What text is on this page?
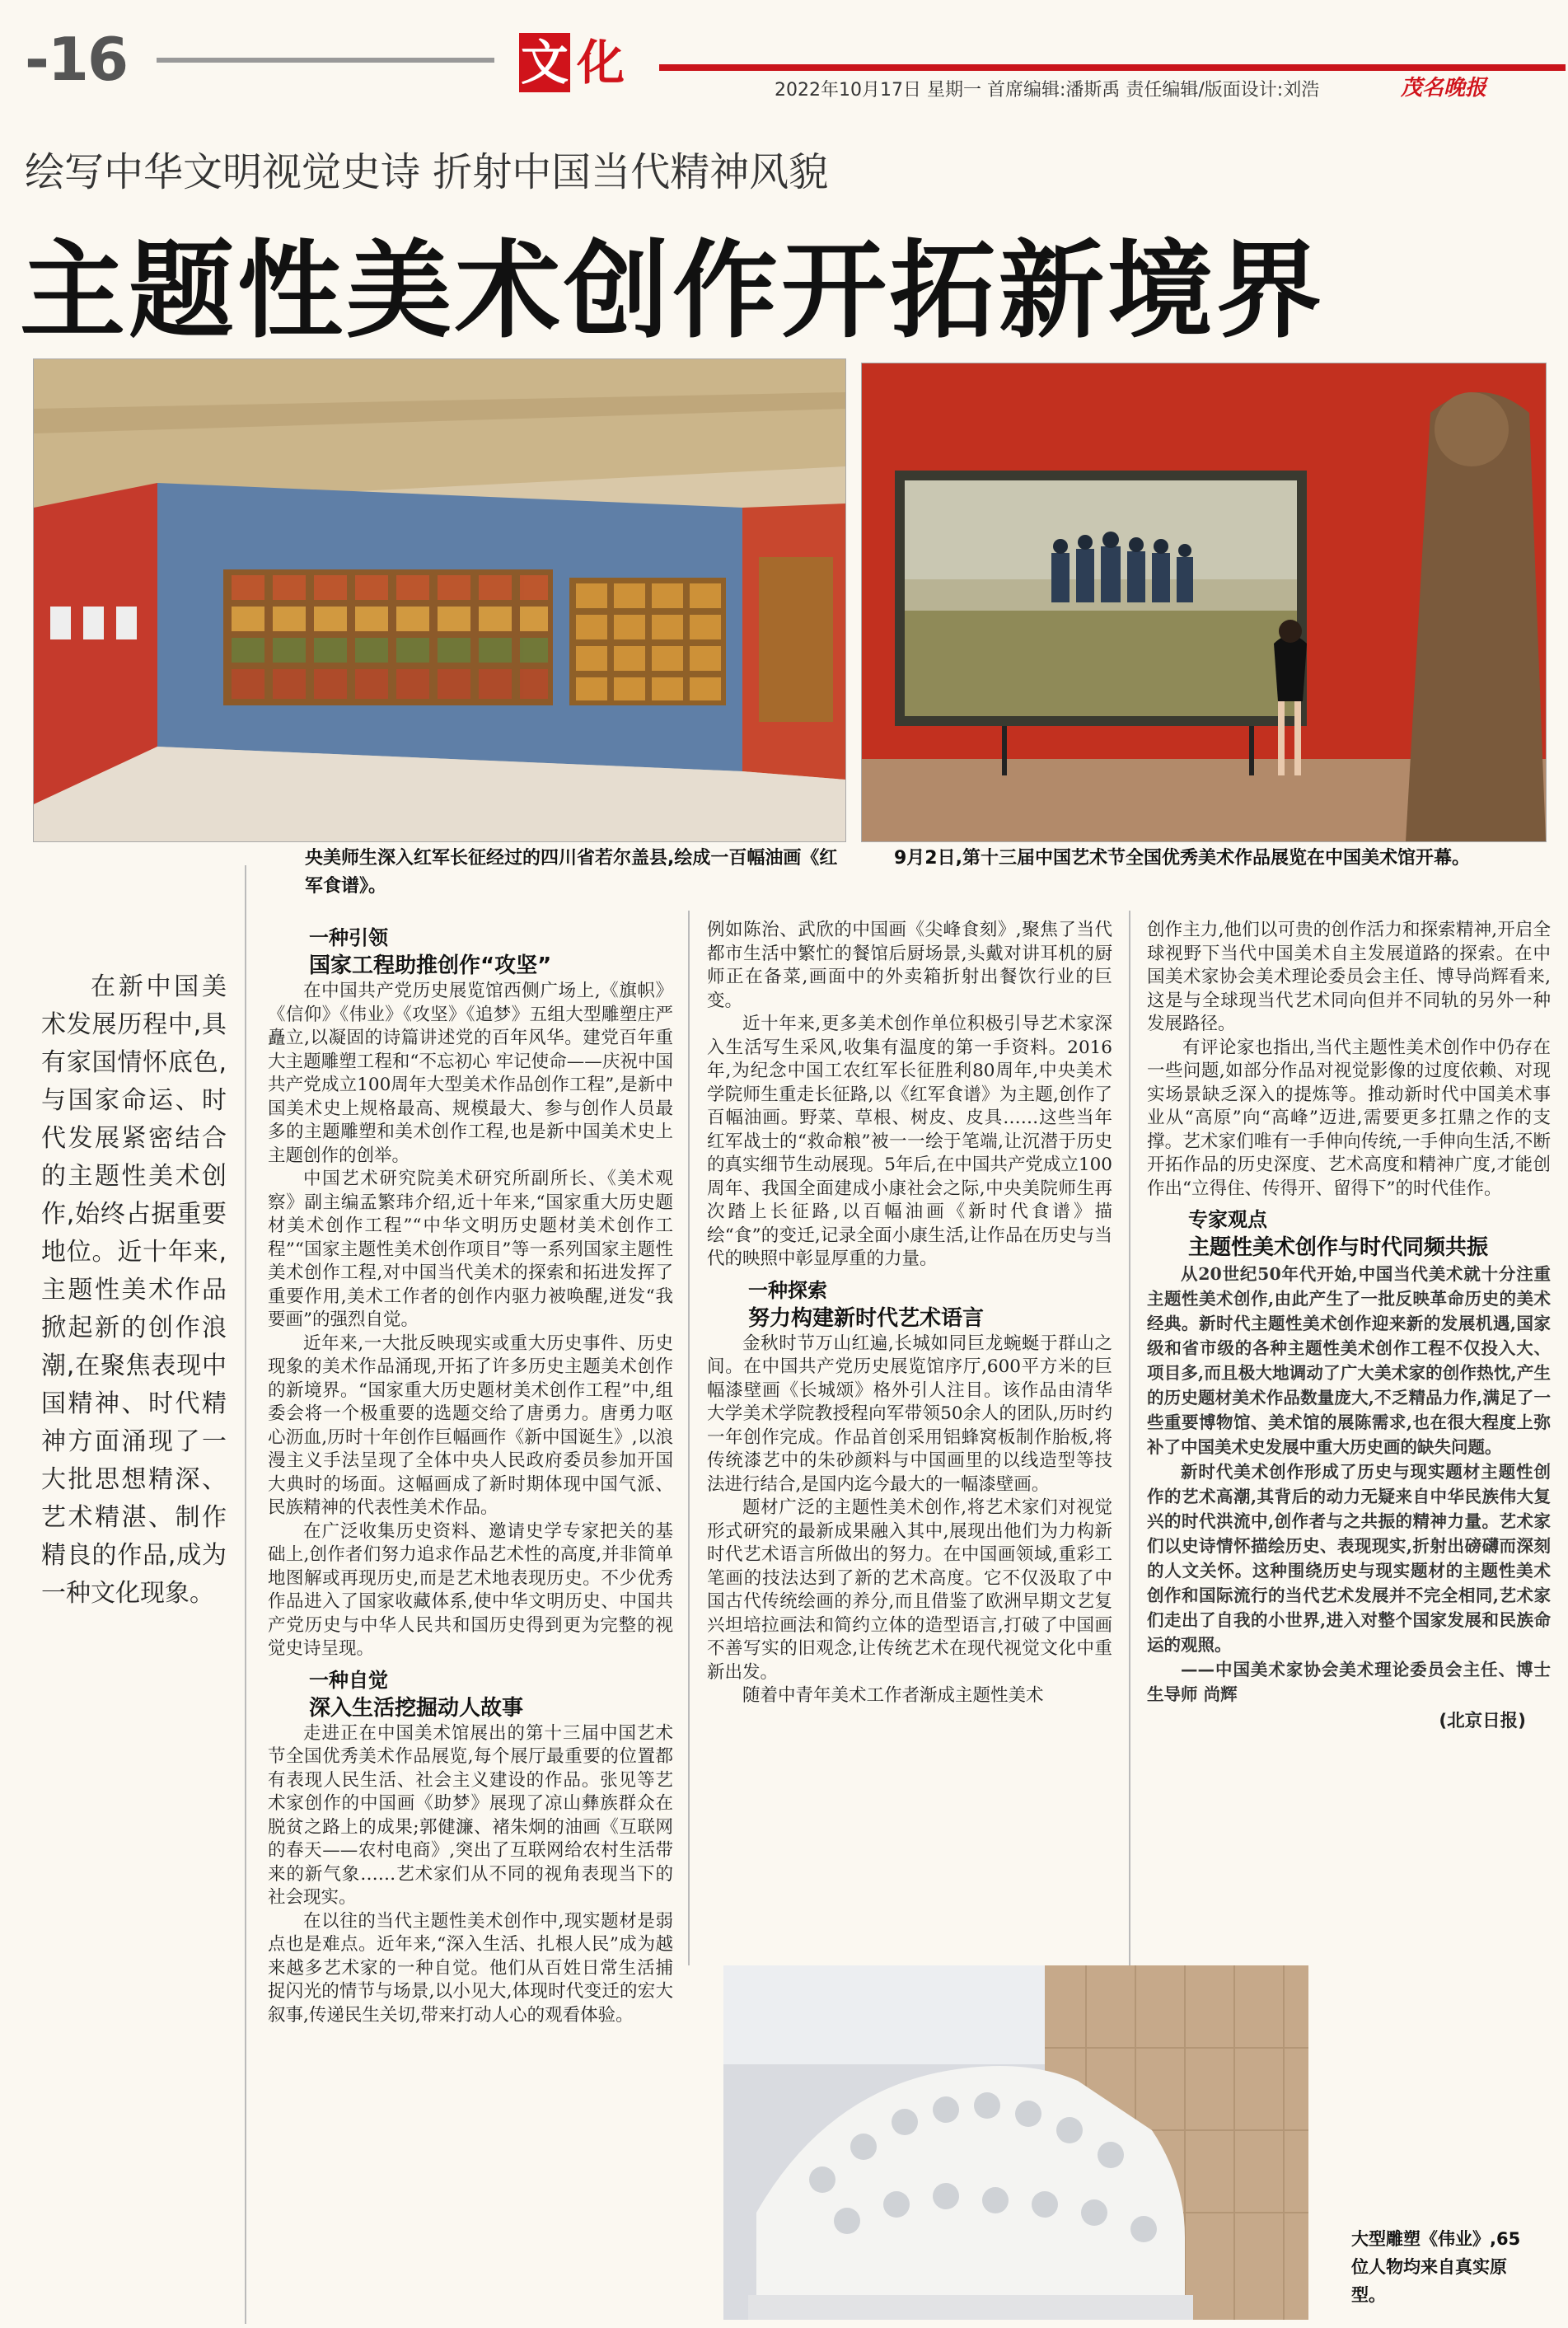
-16	文 化	2022年10月17日 星期一 首席编辑:潘斯禹 责任编辑/版面设计:刘浩	茂名晚报
绘写中华文明视觉史诗 折射中国当代精神风貌
主题性美术创作开拓新境界
央美师生深入红军长征经过的四川省若尔盖县,绘成一百幅油画《红军食谱》。
9月2日,第十三届中国艺术节全国优秀美术作品展览在中国美术馆开幕。

在新中国美术发展历程中,具有家国情怀底色,与国家命运、时代发展紧密结合的主题性美术创作,始终占据重要地位。近十年来,主题性美术作品掀起新的创作浪潮,在聚焦表现中国精神、时代精神方面涌现了一大批思想精深、艺术精湛、制作精良的作品,成为一种文化现象。

一种引领
国家工程助推创作“攻坚”

在中国共产党历史展览馆西侧广场上,《旗帜》《信仰》《伟业》《攻坚》《追梦》五组大型雕塑庄严矗立,以凝固的诗篇讲述党的百年风华。建党百年重大主题雕塑工程和“不忘初心 牢记使命——庆祝中国共产党成立100周年大型美术作品创作工程”,是新中国美术史上规格最高、规模最大、参与创作人员最多的主题雕塑和美术创作工程,也是新中国美术史上主题创作的创举。

中国艺术研究院美术研究所副所长、《美术观察》副主编孟繁玮介绍,近十年来,“国家重大历史题材美术创作工程”“中华文明历史题材美术创作工程”“国家主题性美术创作项目”等一系列国家主题性美术创作工程,对中国当代美术的探索和拓进发挥了重要作用,美术工作者的创作内驱力被唤醒,迸发“我要画”的强烈自觉。

近年来,一大批反映现实或重大历史事件、历史现象的美术作品涌现,开拓了许多历史主题美术创作的新境界。“国家重大历史题材美术创作工程”中,组委会将一个极重要的选题交给了唐勇力。唐勇力呕心沥血,历时十年创作巨幅画作《新中国诞生》,以浪漫主义手法呈现了全体中央人民政府委员参加开国大典时的场面。这幅画成了新时期体现中国气派、民族精神的代表性美术作品。

在广泛收集历史资料、邀请史学专家把关的基础上,创作者们努力追求作品艺术性的高度,并非简单地图解或再现历史,而是艺术地表现历史。不少优秀作品进入了国家收藏体系,使中华文明历史、中国共产党历史与中华人民共和国历史得到更为完整的视觉史诗呈现。

一种自觉
深入生活挖掘动人故事

走进正在中国美术馆展出的第十三届中国艺术节全国优秀美术作品展览,每个展厅最重要的位置都有表现人民生活、社会主义建设的作品。张见等艺术家创作的中国画《助梦》展现了凉山彝族群众在脱贫之路上的成果;郭健濂、褚朱炯的油画《互联网的春天——农村电商》,突出了互联网给农村生活带来的新气象……艺术家们从不同的视角表现当下的社会现实。

在以往的当代主题性美术创作中,现实题材是弱点也是难点。近年来,“深入生活、扎根人民”成为越来越多艺术家的一种自觉。他们从百姓日常生活捕捉闪光的情节与场景,以小见大,体现时代变迁的宏大叙事,传递民生关切,带来打动人心的观看体验。

例如陈治、武欣的中国画《尖峰食刻》,聚焦了当代都市生活中繁忙的餐馆后厨场景,头戴对讲耳机的厨师正在备菜,画面中的外卖箱折射出餐饮行业的巨变。

近十年来,更多美术创作单位积极引导艺术家深入生活写生采风,收集有温度的第一手资料。2016年,为纪念中国工农红军长征胜利80周年,中央美术学院师生重走长征路,以《红军食谱》为主题,创作了百幅油画。野菜、草根、树皮、皮具……这些当年红军战士的“救命粮”被一一绘于笔端,让沉潜于历史的真实细节生动展现。5年后,在中国共产党成立100周年、我国全面建成小康社会之际,中央美院师生再次踏上长征路,以百幅油画《新时代食谱》描绘“食”的变迁,记录全面小康生活,让作品在历史与当代的映照中彰显厚重的力量。

一种探索
努力构建新时代艺术语言

金秋时节万山红遍,长城如同巨龙蜿蜒于群山之间。在中国共产党历史展览馆序厅,600平方米的巨幅漆壁画《长城颂》格外引人注目。该作品由清华大学美术学院教授程向军带领50余人的团队,历时约一年创作完成。作品首创采用铝蜂窝板制作胎板,将传统漆艺中的朱砂颜料与中国画里的以线造型等技法进行结合,是国内迄今最大的一幅漆壁画。

题材广泛的主题性美术创作,将艺术家们对视觉形式研究的最新成果融入其中,展现出他们为力构新时代艺术语言所做出的努力。在中国画领域,重彩工笔画的技法达到了新的艺术高度。它不仅汲取了中国古代传统绘画的养分,而且借鉴了欧洲早期文艺复兴坦培拉画法和简约立体的造型语言,打破了中国画不善写实的旧观念,让传统艺术在现代视觉文化中重新出发。

随着中青年美术工作者渐成主题性美术

创作主力,他们以可贵的创作活力和探索精神,开启全球视野下当代中国美术自主发展道路的探索。在中国美术家协会美术理论委员会主任、博导尚辉看来,这是与全球现当代艺术同向但并不同轨的另外一种发展路径。

有评论家也指出,当代主题性美术创作中仍存在一些问题,如部分作品对视觉影像的过度依赖、对现实场景缺乏深入的提炼等。推动新时代中国美术事业从“高原”向“高峰”迈进,需要更多扛鼎之作的支撑。艺术家们唯有一手伸向传统,一手伸向生活,不断开拓作品的历史深度、艺术高度和精神广度,才能创作出“立得住、传得开、留得下”的时代佳作。

专家观点
主题性美术创作与时代同频共振

从20世纪50年代开始,中国当代美术就十分注重主题性美术创作,由此产生了一批反映革命历史的美术经典。新时代主题性美术创作迎来新的发展机遇,国家级和省市级的各种主题性美术创作工程不仅投入大、项目多,而且极大地调动了广大美术家的创作热忱,产生的历史题材美术作品数量庞大,不乏精品力作,满足了一些重要博物馆、美术馆的展陈需求,也在很大程度上弥补了中国美术史发展中重大历史画的缺失问题。

新时代美术创作形成了历史与现实题材主题性创作的艺术高潮,其背后的动力无疑来自中华民族伟大复兴的时代洪流中,创作者与之共振的精神力量。艺术家们以史诗情怀描绘历史、表现现实,折射出磅礴而深刻的人文关怀。这种围绕历史与现实题材的主题性美术创作和国际流行的当代艺术发展并不完全相同,艺术家们走出了自我的小世界,进入对整个国家发展和民族命运的观照。

——中国美术家协会美术理论委员会主任、博士生导师 尚辉

(北京日报)
大型雕塑《伟业》,65位人物均来自真实原型。
